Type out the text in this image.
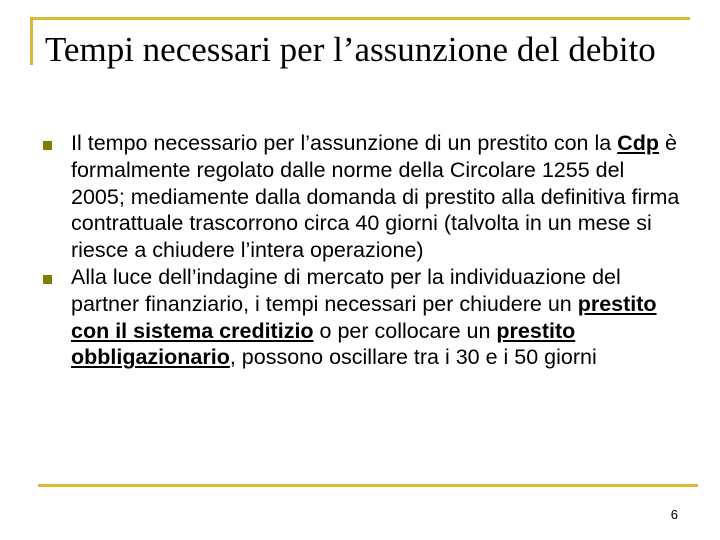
Tempi necessari per l’assunzione del debito
Il tempo necessario per l’assunzione di un prestito con la Cdp è formalmente regolato dalle norme della Circolare 1255 del 2005; mediamente dalla domanda di prestito alla definitiva firma contrattuale trascorrono circa 40 giorni (talvolta in un mese si riesce a chiudere l’intera operazione)
Alla luce dell’indagine di mercato per la individuazione del partner finanziario, i tempi necessari per chiudere un prestito con il sistema creditizio o per collocare un prestito obbligazionario, possono oscillare tra i 30 e i 50 giorni
6
